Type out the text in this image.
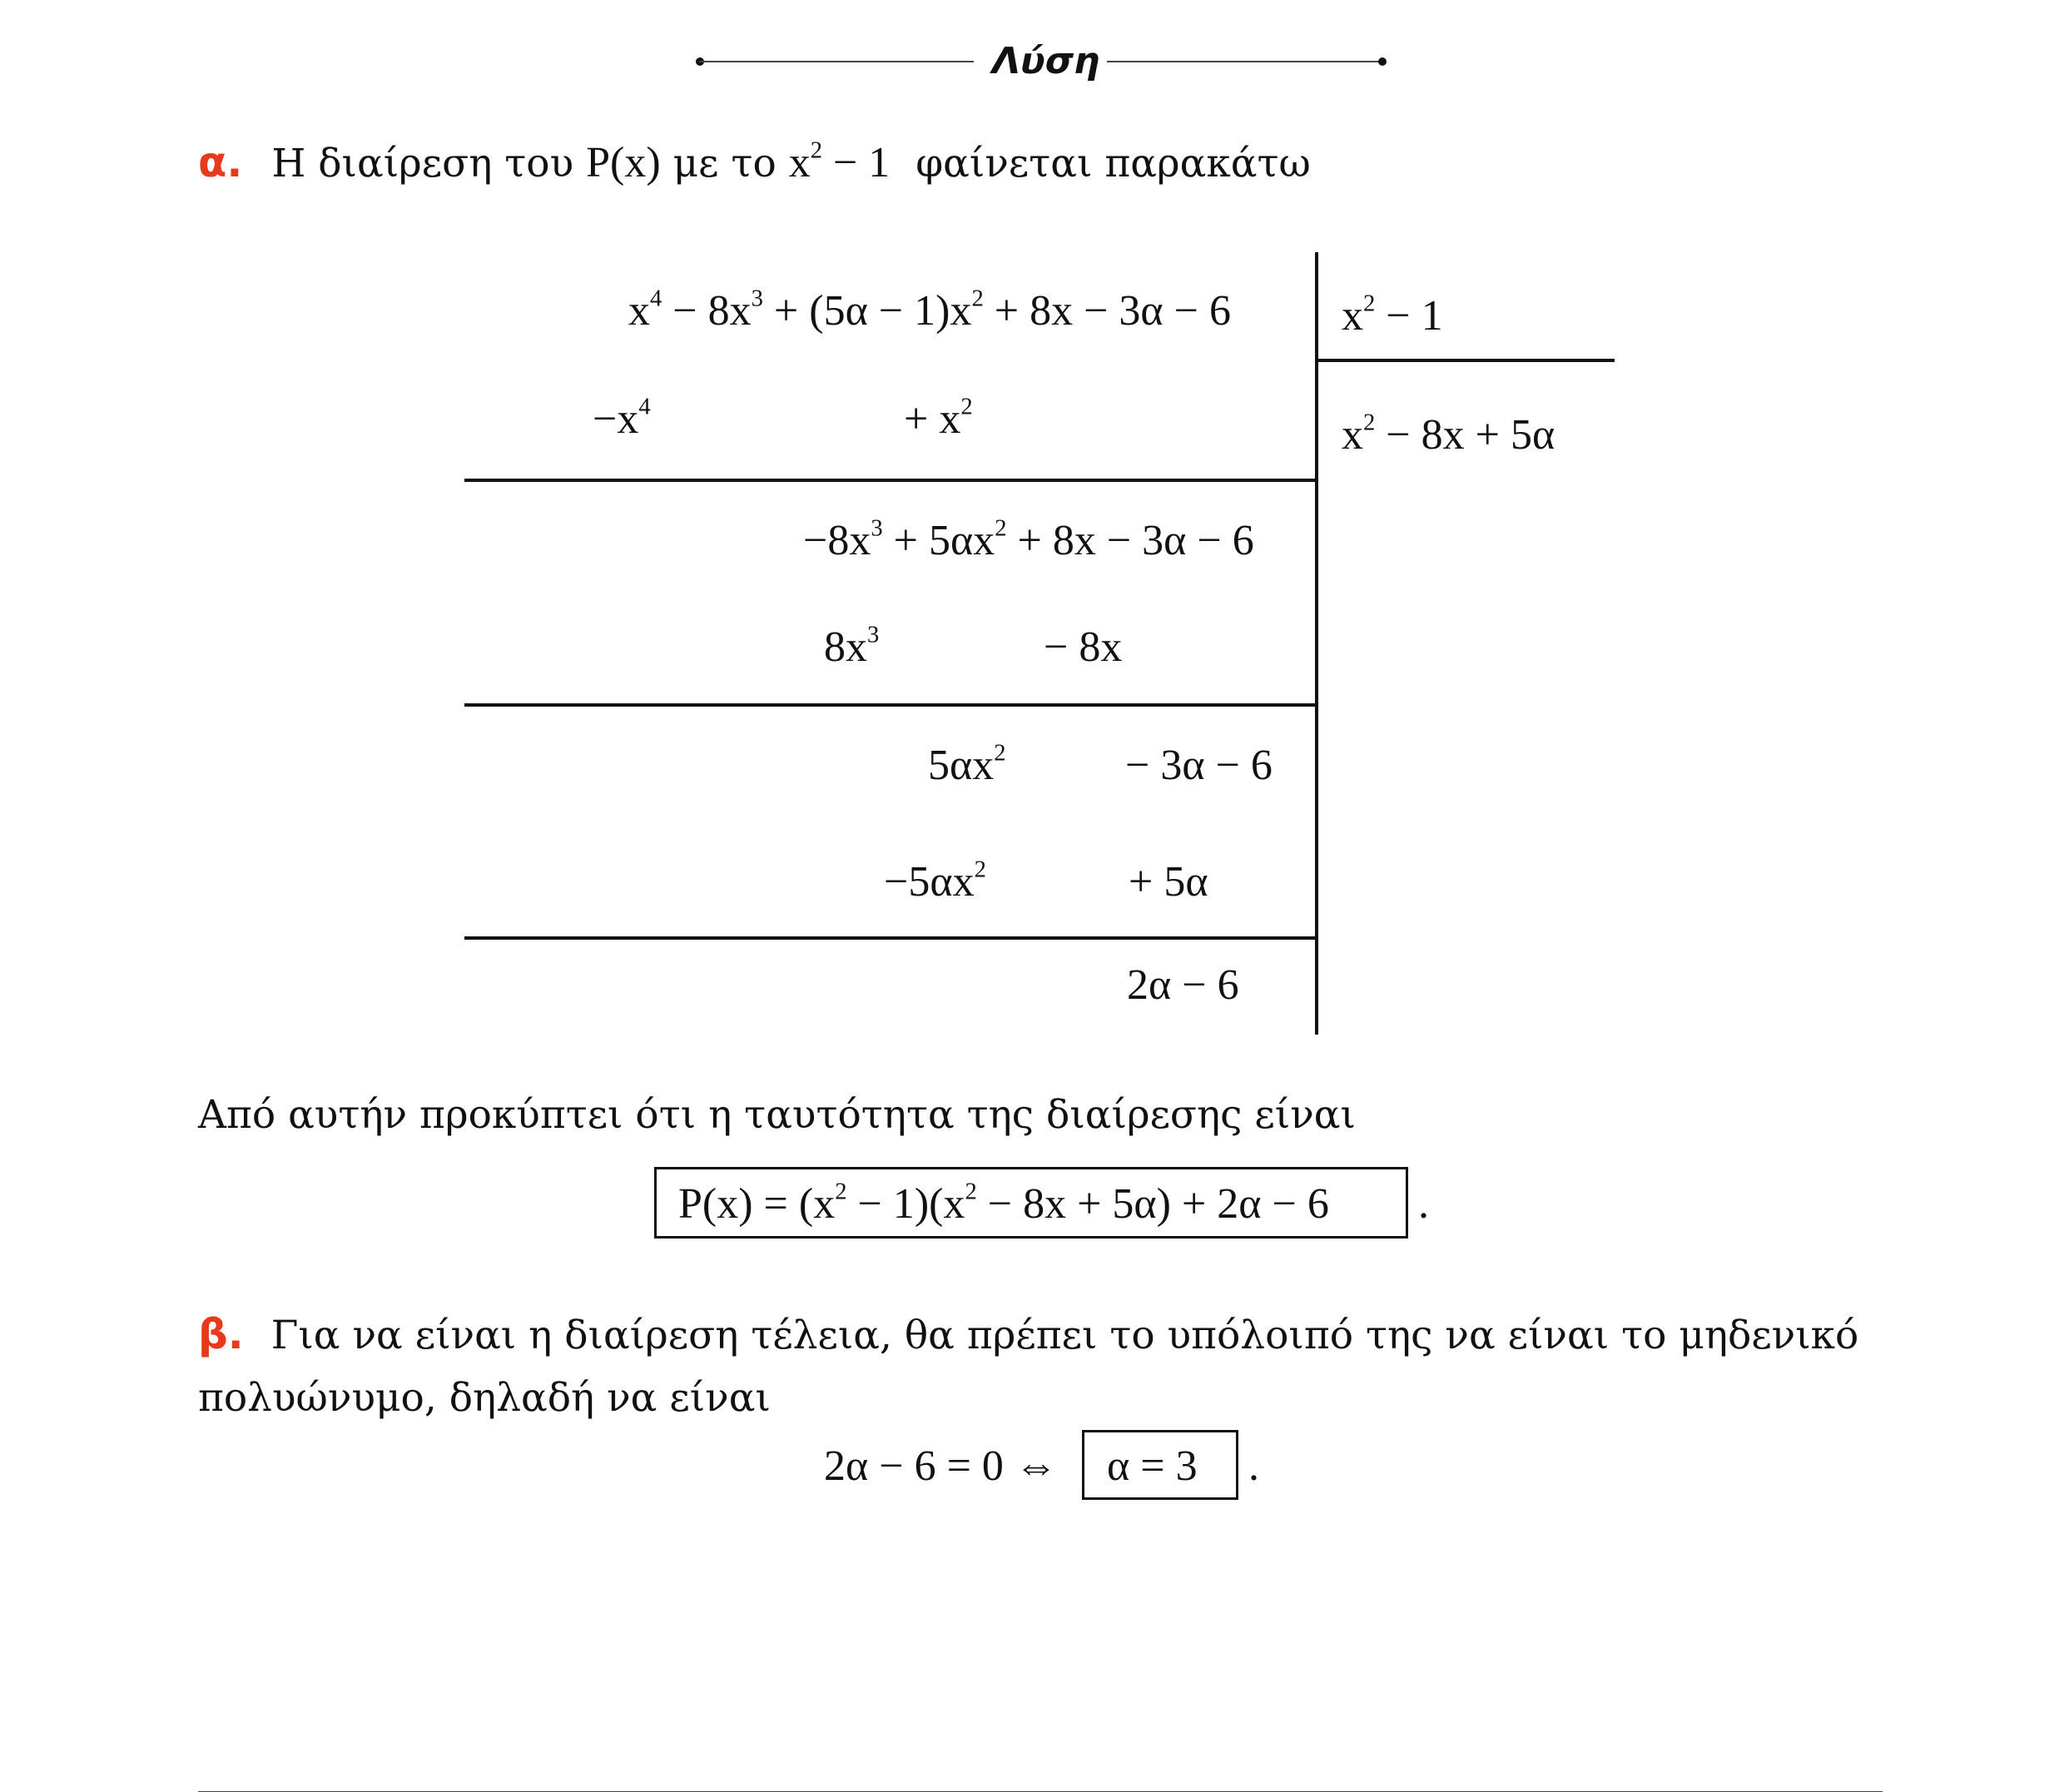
Λύση
α. Η διαίρεση του P(x) με το $x^2 - 1$ φαίνεται παρακάτω
$x^4 - 8x^3 + (5\alpha - 1)x^2 + 8x - 3\alpha - 6$	$x^2 - 1$
$x^2 - 8x + 5\alpha$
$-x^4$	+ $x^2$
$-8x^3 + 5\alpha x^2 + 8x - 3\alpha - 6$
$8x^3$	− 8x
$5\alpha x^2$	− 3α − 6
$-5\alpha x^2$	+ 5α
2α − 6
Από αυτήν προκύπτει ότι η ταυτότητα της διαίρεσης είναι
$P(x) = (x^2 - 1)(x^2 - 8x + 5\alpha) + 2\alpha - 6$ .
β. Για να είναι η διαίρεση τέλεια, θα πρέπει το υπόλοιπό της να είναι το μηδενικό
πολυώνυμο, δηλαδή να είναι
2α − 6 = 0 ⇔ α = 3 .
